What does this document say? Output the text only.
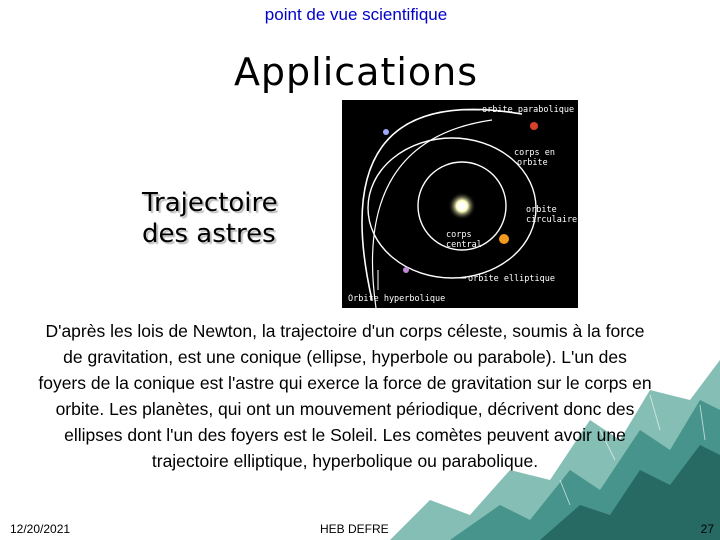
point de vue scientifique
Applications
Trajectoire
des astres
orbite parabolique
corps en
orbite
orbite
circulaire
corps
central
orbite elliptique
Orbite hyperbolique
D'après les lois de Newton, la trajectoire d'un corps céleste, soumis à la force de gravitation, est une conique (ellipse, hyperbole ou parabole). L'un des foyers de la conique est l'astre qui exerce la force de gravitation sur le corps en orbite. Les planètes, qui ont un mouvement périodique, décrivent donc des ellipses dont l'un des foyers est le Soleil. Les comètes peuvent avoir une trajectoire elliptique, hyperbolique ou parabolique.
12/20/2021	HEB DEFRE	27
